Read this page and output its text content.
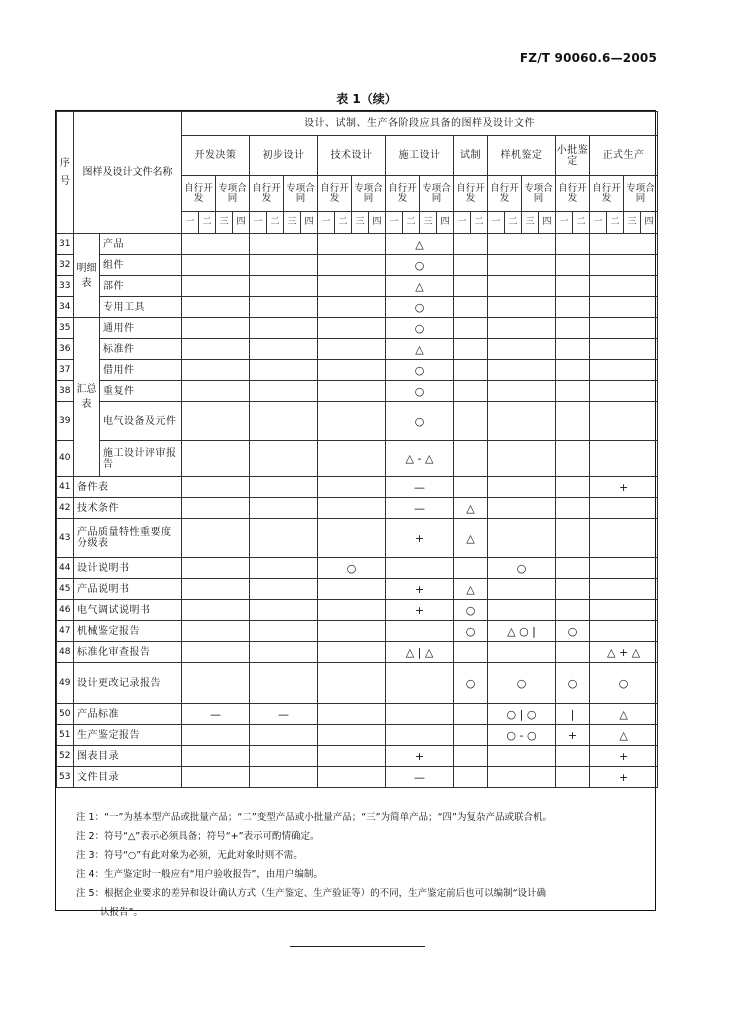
FZ/T 90060.6—2005
表 1（续）
序号	图样及设计文件名称		设计、试制、生产各阶段应具备的图样及设计文件																											
			开发决策				初步设计				技术设计				施工设计				试制		样机鉴定				小批鉴定		正式生产			
			自行开发		专项合同		自行开发		专项合同		自行开发		专项合同		自行开发		专项合同		自行开发		自行开发		专项合同		自行开发		自行开发		专项合同	
			一	二	三	四	一	二	三	四	一	二	三	四	一	二	三	四	一	二	一	二	三	四	一	二	一	二	三	四
31	明细表	产品													△															
32		组件													○															
33		部件													△															
34		专用工具													○															
35	汇总表	通用件													○															
36		标准件													△															
37		借用件													○															
38		重复件													○															
39		电气设备及元件													○															
40		施工设计评审报告													△ - △															
41	备件表														—												+			
42	技术条件														—				△											
43	产品质量特性重要度分级表														+				△											
44	设计说明书										○										○									
45	产品说明书														+				△											
46	电气调试说明书														+				○											
47	机械鉴定报告																		○		△ ○ |				○					
48	标准化审查报告														△ | △												△ + △			
49	设计更改记录报告																		○		○				○		○			
50	产品标准		—				—														○ | ○				|		△			
51	生产鉴定报告																				○ - ○				+		△			
52	图表目录														+												+			
53	文件目录														—												+			
注 1：“一”为基本型产品或批量产品；“二”变型产品或小批量产品；“三”为简单产品；“四”为复杂产品或联合机。
注 2：符号“△”表示必须具备；符号“+”表示可酌情确定。
注 3：符号“○”有此对象为必须，无此对象时则不需。
注 4：生产鉴定时一般应有“用户验收报告”，由用户编制。
注 5：根据企业要求的差异和设计确认方式（生产鉴定、生产验证等）的不同，生产鉴定前后也可以编制“设计确
认报告”。
